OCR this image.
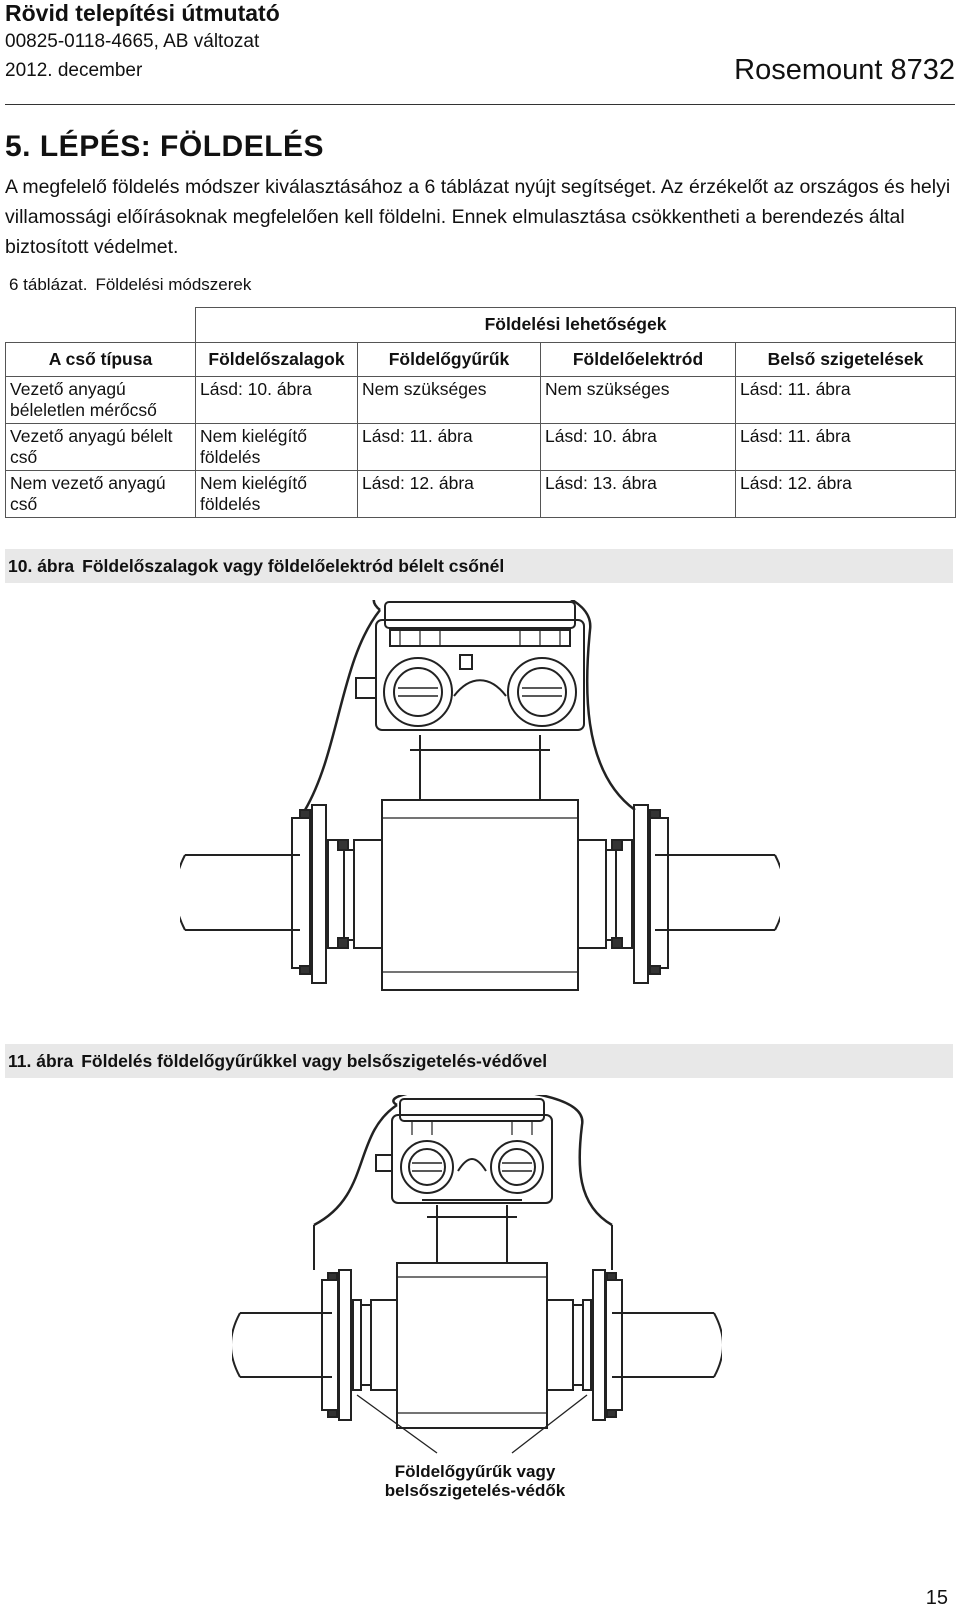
Rövid telepítési útmutató
00825-0118-4665, AB változat
2012. december	Rosemount 8732
5. LÉPÉS: FÖLDELÉS
A megfelelő földelés módszer kiválasztásához a 6 táblázat nyújt segítséget. Az érzékelőt az országos és helyi villamossági előírásoknak megfelelően kell földelni. Ennek elmulasztása csökkentheti a berendezés által biztosított védelmet.
6 táblázat. Földelési módszerek
	Földelési lehetőségek			
A cső típusa	Földelőszalagok	Földelőgyűrűk	Földelőelektród	Belső szigetelések
Vezető anyagú béleletlen mérőcső	Lásd: 10. ábra	Nem szükséges	Nem szükséges	Lásd: 11. ábra
Vezető anyagú bélelt cső	Nem kielégítő földelés	Lásd: 11. ábra	Lásd: 10. ábra	Lásd: 11. ábra
Nem vezető anyagú cső	Nem kielégítő földelés	Lásd: 12. ábra	Lásd: 13. ábra	Lásd: 12. ábra
10. ábra Földelőszalagok vagy földelőelektród bélelt csőnél
11. ábra Földelés földelőgyűrűkkel vagy belsőszigetelés-védővel
Földelőgyűrűk vagy
belsőszigetelés-védők
15
